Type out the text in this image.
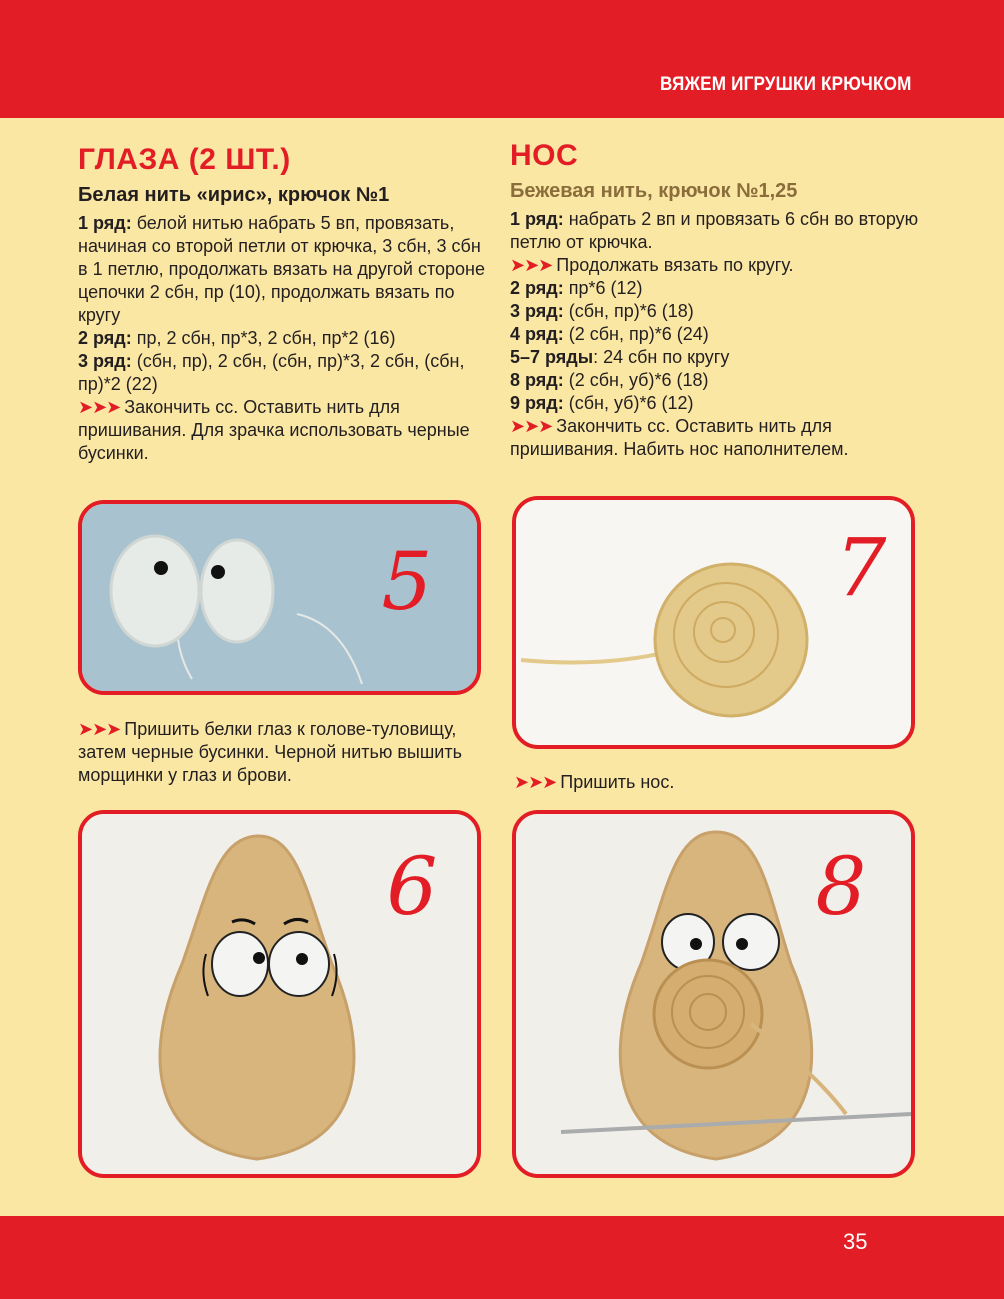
ВЯЖЕМ ИГРУШКИ КРЮЧКОМ
ГЛАЗА (2 ШТ.)
Белая нить «ирис», крючок №1

1 ряд: белой нитью набрать 5 вп, провязать, начиная со второй петли от крючка, 3 сбн, 3 сбн в 1 петлю, продолжать вязать на другой стороне цепочки 2 сбн, пр (10), продолжать вязать по кругу

2 ряд: пр, 2 сбн, пр*3, 2 сбн, пр*2 (16)

3 ряд: (сбн, пр), 2 сбн, (сбн, пр)*3, 2 сбн, (сбн, пр)*2 (22)

➤➤➤ Закончить сс. Оставить нить для пришивания. Для зрачка использовать черные бусинки.

НОС
Бежевая нить, крючок №1,25

1 ряд: набрать 2 вп и провязать 6 сбн во вторую петлю от крючка.

➤➤➤ Продолжать вязать по кругу.

2 ряд: пр*6 (12)

3 ряд: (сбн, пр)*6 (18)

4 ряд: (2 сбн, пр)*6 (24)

5–7 ряды: 24 сбн по кругу

8 ряд: (2 сбн, уб)*6 (18)

9 ряд: (сбн, уб)*6 (12)

➤➤➤ Закончить сс. Оставить нить для пришивания. Набить нос наполнителем.

5	7
➤➤➤ Пришить белки глаз к голове-туловищу, затем черные бусинки. Черной нитью вышить морщинки у глаз и брови.	➤➤➤ Пришить нос.
6	8
35
